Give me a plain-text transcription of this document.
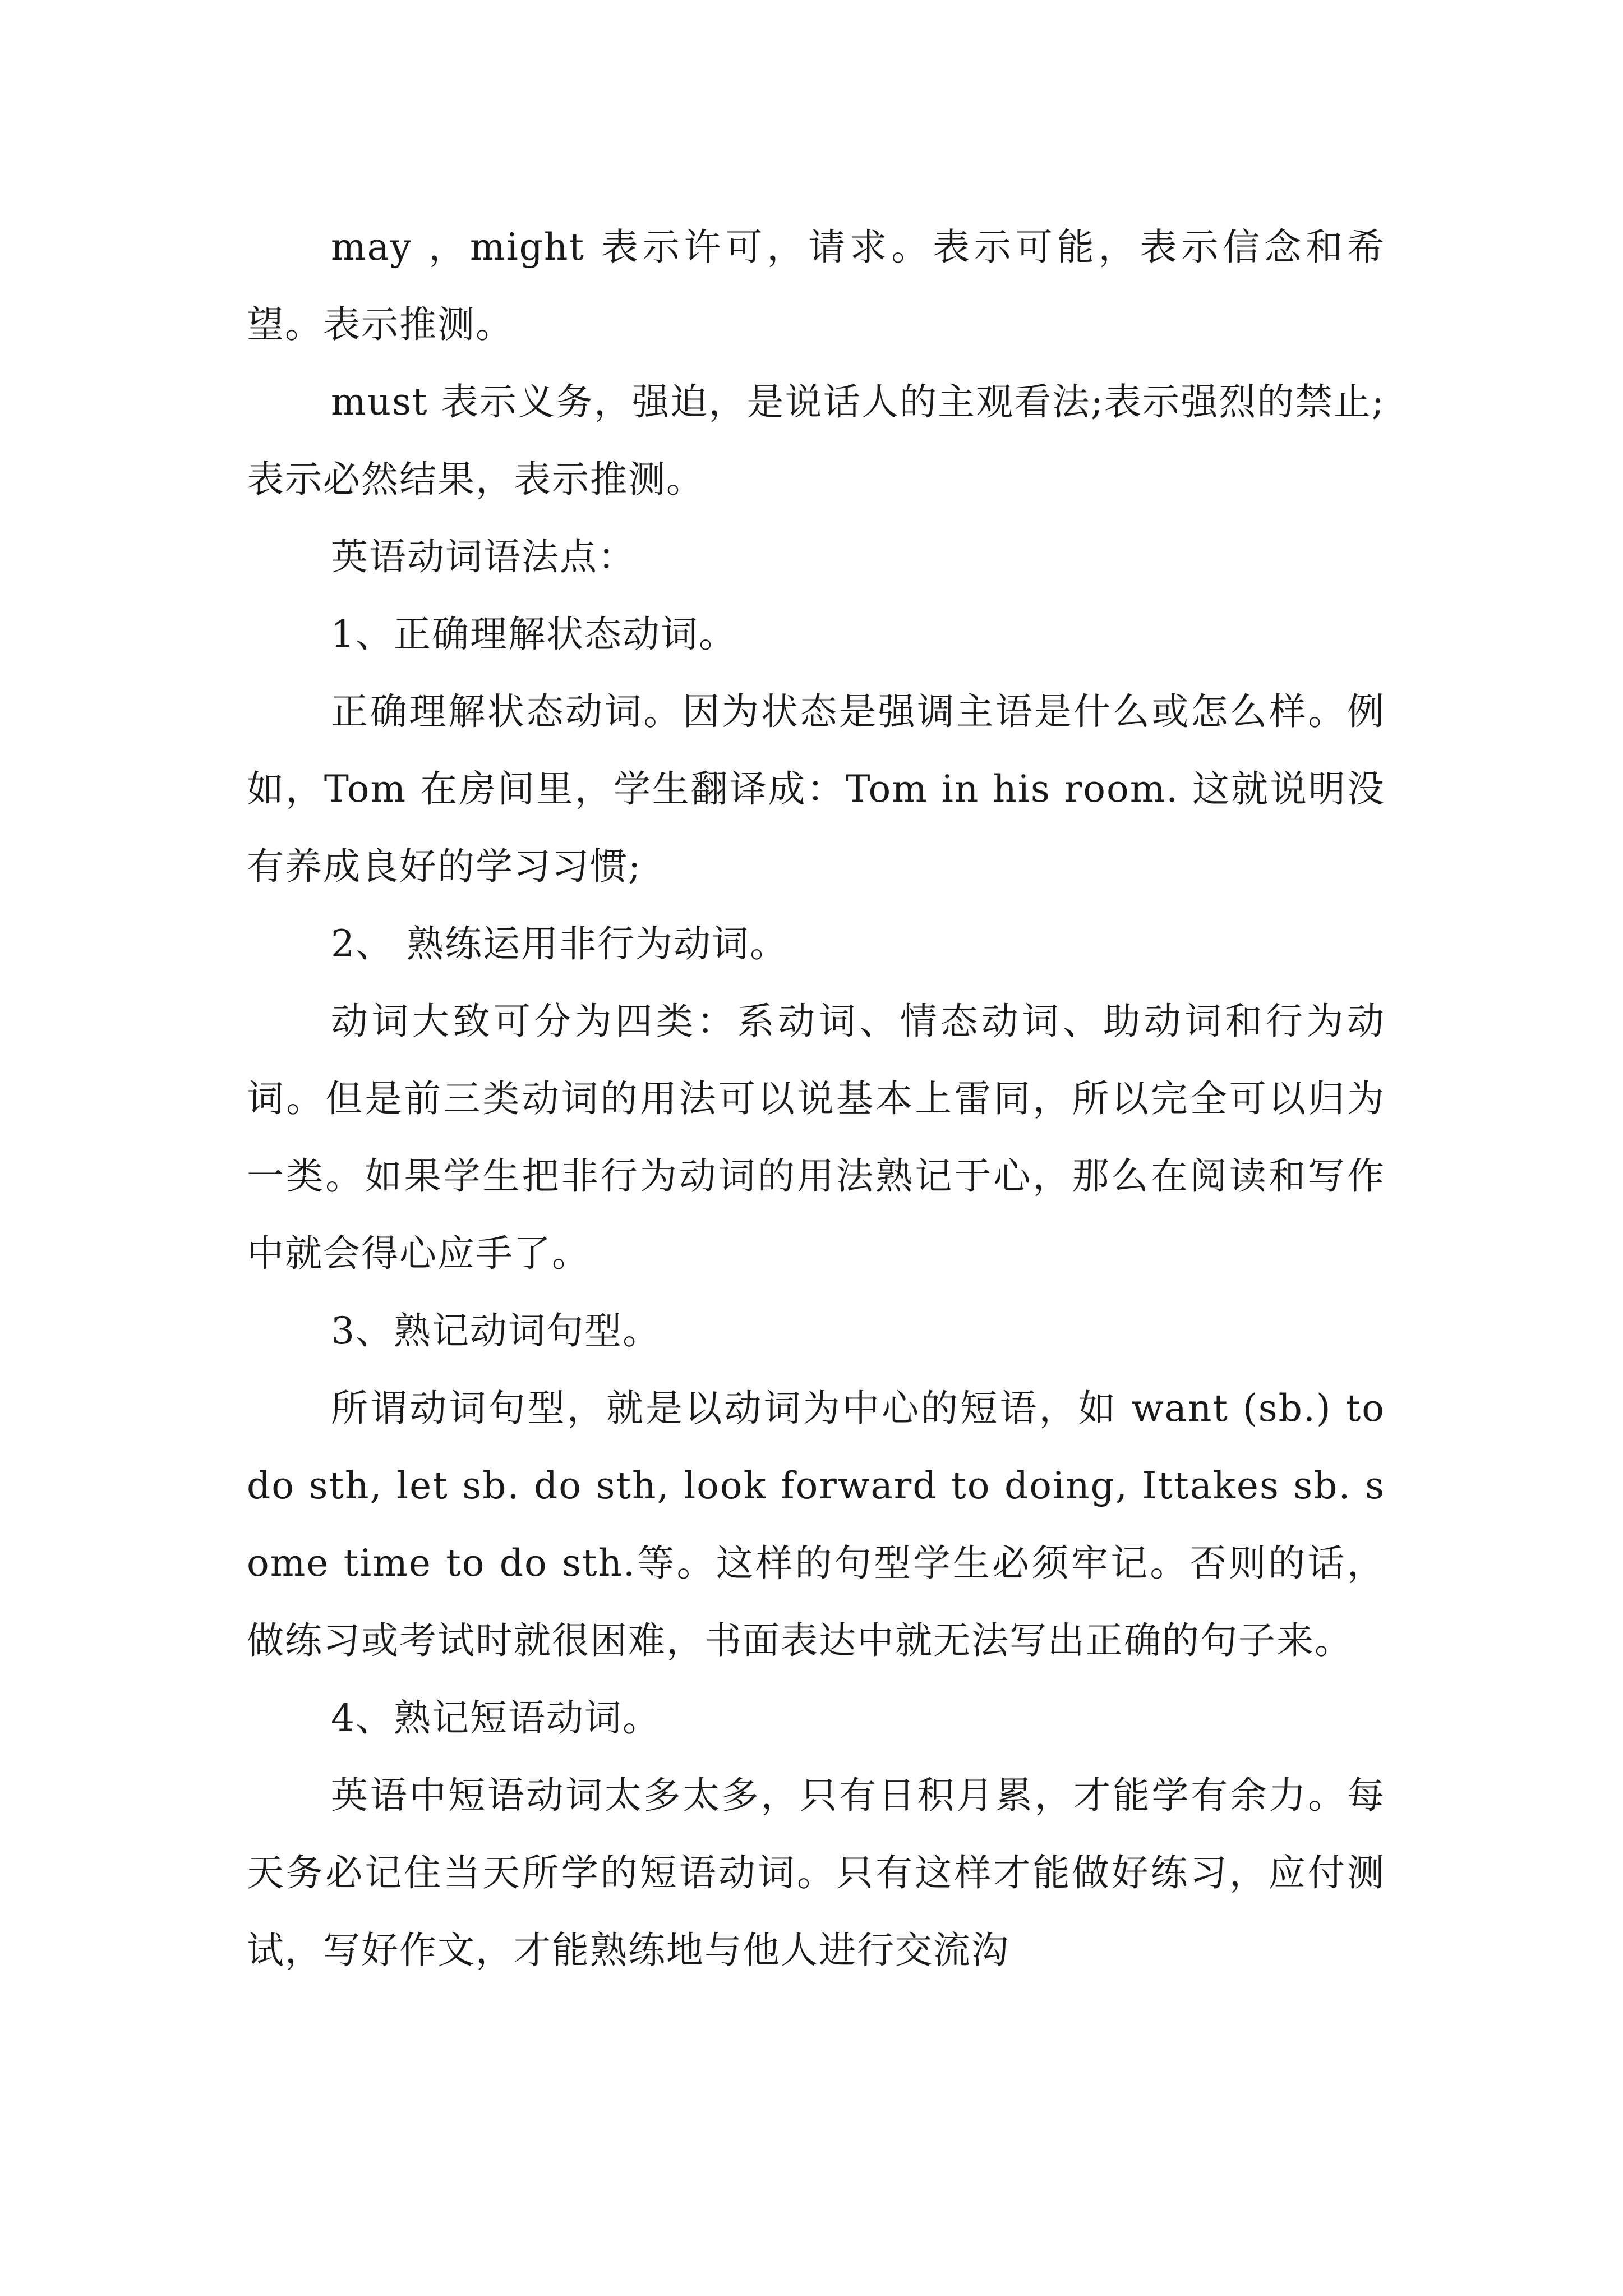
may ，might 表示许可，请求。表示可能，表示信念和希望。表示推测。

must 表示义务，强迫，是说话人的主观看法;表示强烈的禁止;表示必然结果，表示推测。

英语动词语法点：

1、正确理解状态动词。

正确理解状态动词。因为状态是强调主语是什么或怎么样。例如，Tom 在房间里，学生翻译成：Tom in his room. 这就说明没有养成良好的学习习惯;

2、 熟练运用非行为动词。

动词大致可分为四类：系动词、情态动词、助动词和行为动词。但是前三类动词的用法可以说基本上雷同，所以完全可以归为一类。如果学生把非行为动词的用法熟记于心，那么在阅读和写作中就会得心应手了。

3、熟记动词句型。

所谓动词句型，就是以动词为中心的短语，如 want (sb.) to do sth, let sb. do sth, look forward to doing, Ittakes sb. some time to do sth.等。这样的句型学生必须牢记。否则的话，做练习或考试时就很困难，书面表达中就无法写出正确的句子来。

4、熟记短语动词。

英语中短语动词太多太多，只有日积月累，才能学有余力。每天务必记住当天所学的短语动词。只有这样才能做好练习，应付测试，写好作文，才能熟练地与他人进行交流沟
